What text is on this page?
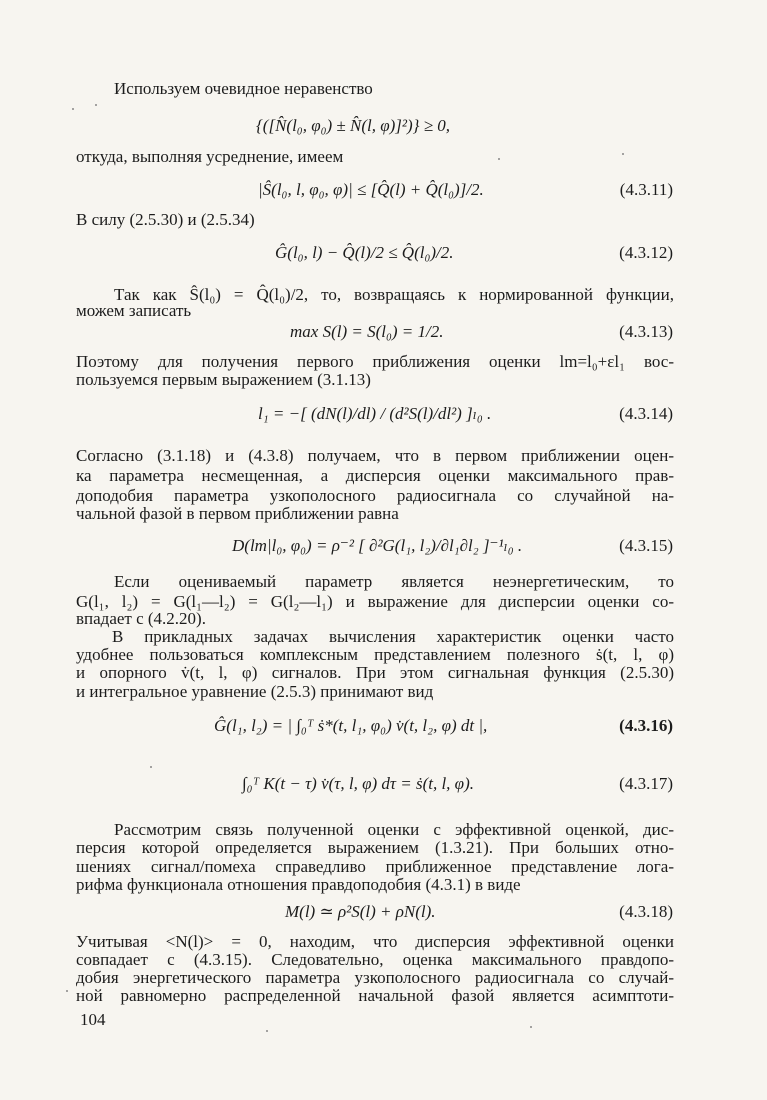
Используем очевидное неравенство
{([N̂(l₀, φ₀) ± N̂(l, φ)]²)} ≥ 0,
откуда, выполняя усреднение, имеем
|Ŝ(l₀, l, φ₀, φ)| ≤ [Q̂(l) + Q̂(l₀)]/2.	(4.3.11)
В силу (2.5.30) и (2.5.34)
Ĝ(l₀, l) − Q̂(l)/2 ≤ Q̂(l₀)/2.	(4.3.12)
Так как Ŝ(l₀) = Q̂(l₀)/2, то, возвращаясь к нормированной функции,
можем записать
max S(l) = S(l₀) = 1/2.	(4.3.13)
Поэтому для получения первого приближения оценки lm=l₀+εl₁ вос-
пользуемся первым выражением (3.1.13)
l₁ = −[ (dN(l)/dl) / (d²S(l)/dl²) ]ₗ₀ .	(4.3.14)
Согласно (3.1.18) и (4.3.8) получаем, что в первом приближении оцен-
ка параметра несмещенная, а дисперсия оценки максимального прав-
доподобия параметра узкополосного радиосигнала со случайной на-
чальной фазой в первом приближении равна
D(lm|l₀, φ₀) = ρ⁻² [ ∂²G(l₁, l₂)/∂l₁∂l₂ ]⁻¹ₗ₀ .	(4.3.15)
Если оцениваемый параметр является неэнергетическим, то
G(l₁, l₂) = G(l₁—l₂) = G(l₂—l₁) и выражение для дисперсии оценки со-
впадает с (4.2.20).
В прикладных задачах вычисления характеристик оценки часто
удобнее пользоваться комплексным представлением полезного ṡ(t, l, φ)
и опорного v̇(t, l, φ) сигналов. При этом сигнальная функция (2.5.30)
и интегральное уравнение (2.5.3) принимают вид
Ĝ(l₁, l₂) = | ∫₀ᵀ ṡ*(t, l₁, φ₀) v̇(t, l₂, φ) dt |,	(4.3.16)
∫₀ᵀ K(t − τ) v̇(τ, l, φ) dτ = ṡ(t, l, φ).	(4.3.17)
Рассмотрим связь полученной оценки с эффективной оценкой, дис-
персия которой определяется выражением (1.3.21). При больших отно-
шениях сигнал/помеха справедливо приближенное представление лога-
рифма функционала отношения правдоподобия (4.3.1) в виде
M(l) ≃ ρ²S(l) + ρN(l).	(4.3.18)
Учитывая <N(l)> = 0, находим, что дисперсия эффективной оценки
совпадает с (4.3.15). Следовательно, оценка максимального правдопо-
добия энергетического параметра узкополосного радиосигнала со случай-
ной равномерно распределенной начальной фазой является асимптоти-
104
